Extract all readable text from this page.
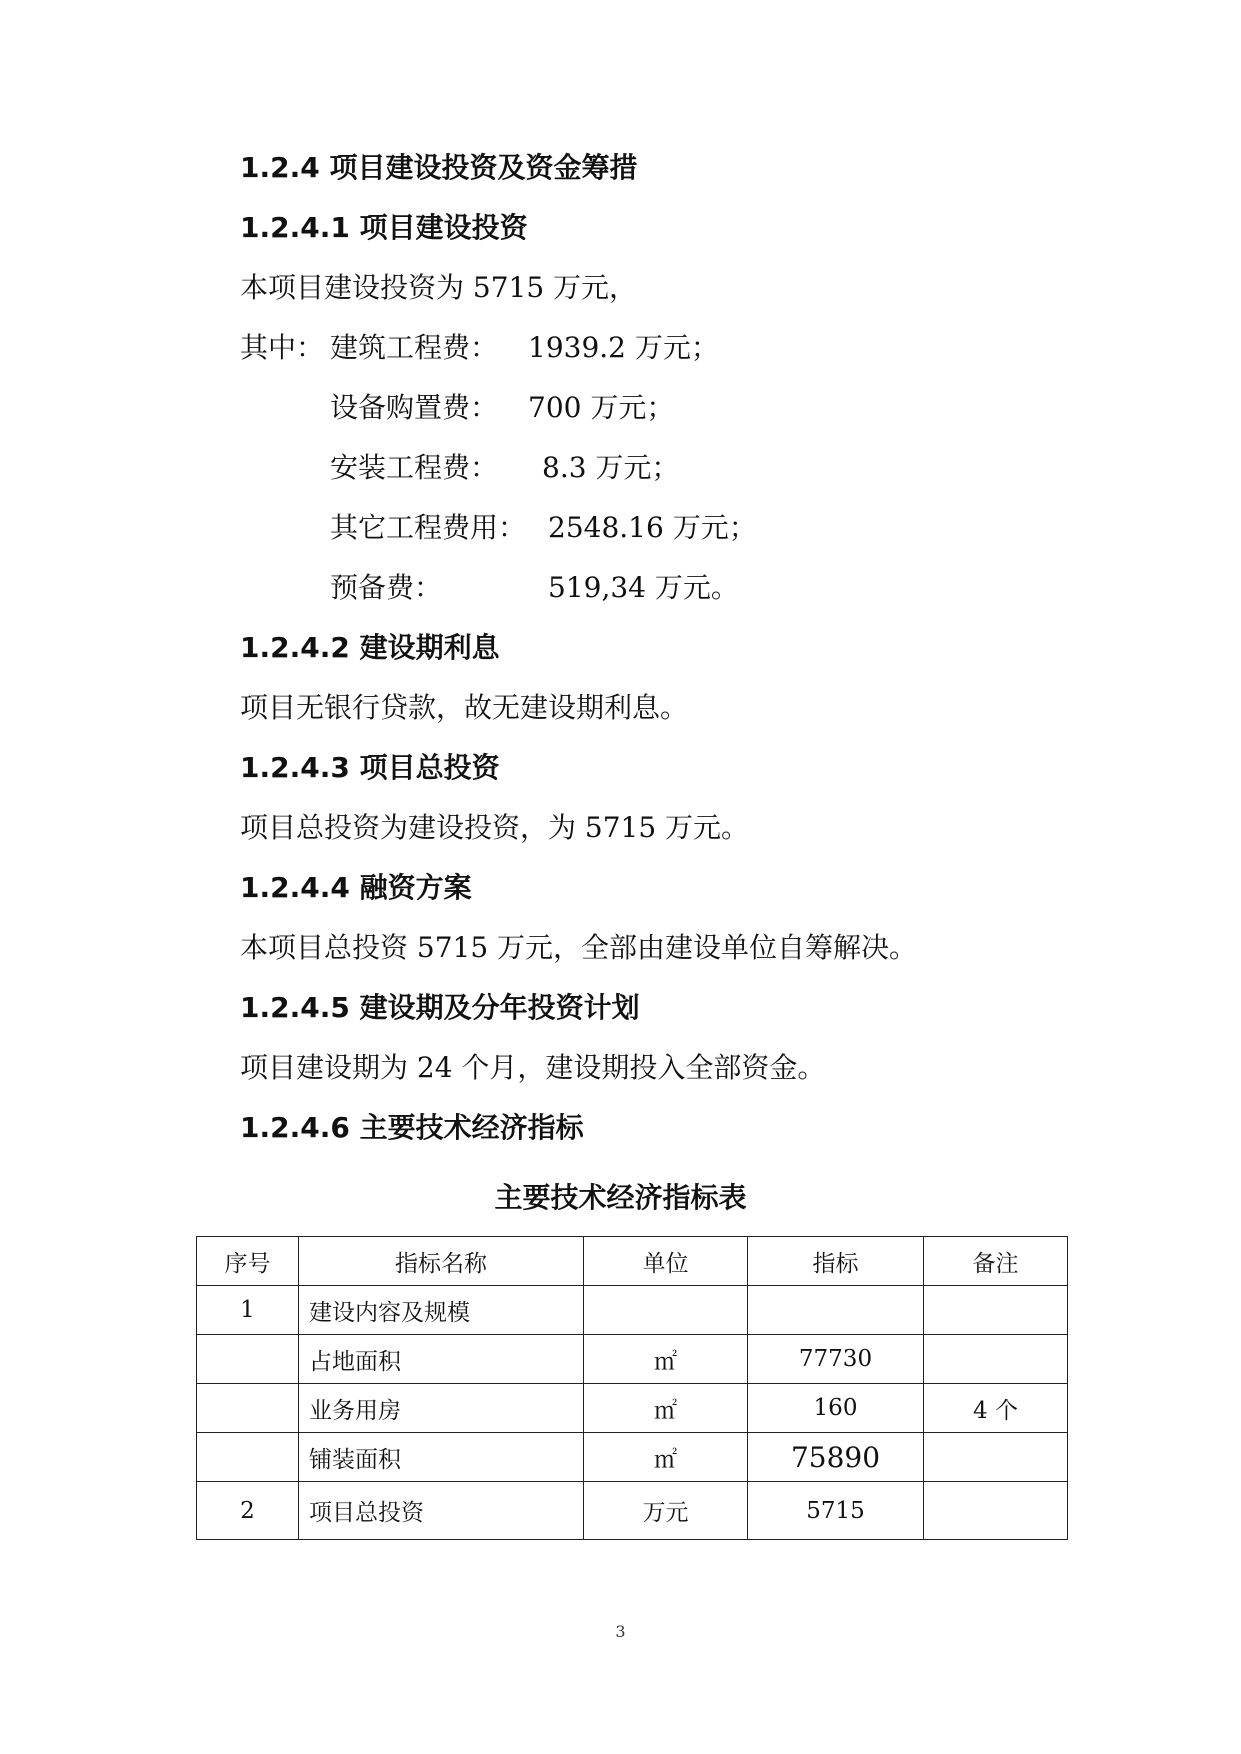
1.2.4 项目建设投资及资金筹措
1.2.4.1 项目建设投资
本项目建设投资为 5715 万元，
其中： 建筑工程费： 1939.2 万元；
设备购置费： 700 万元；
安装工程费： 8.3 万元；
其它工程费用： 2548.16 万元；
预备费：	519,34 万元。
1.2.4.2 建设期利息
项目无银行贷款，故无建设期利息。
1.2.4.3 项目总投资
项目总投资为建设投资，为 5715 万元。
1.2.4.4 融资方案
本项目总投资 5715 万元，全部由建设单位自筹解决。
1.2.4.5 建设期及分年投资计划
项目建设期为 24 个月，建设期投入全部资金。
1.2.4.6 主要技术经济指标
主要技术经济指标表
序号	指标名称	单位	指标	备注
1	建设内容及规模			
	占地面积	㎡	77730	
	业务用房	㎡	160	4 个
	铺装面积	㎡	75890	
2	项目总投资	万元	5715	
3
